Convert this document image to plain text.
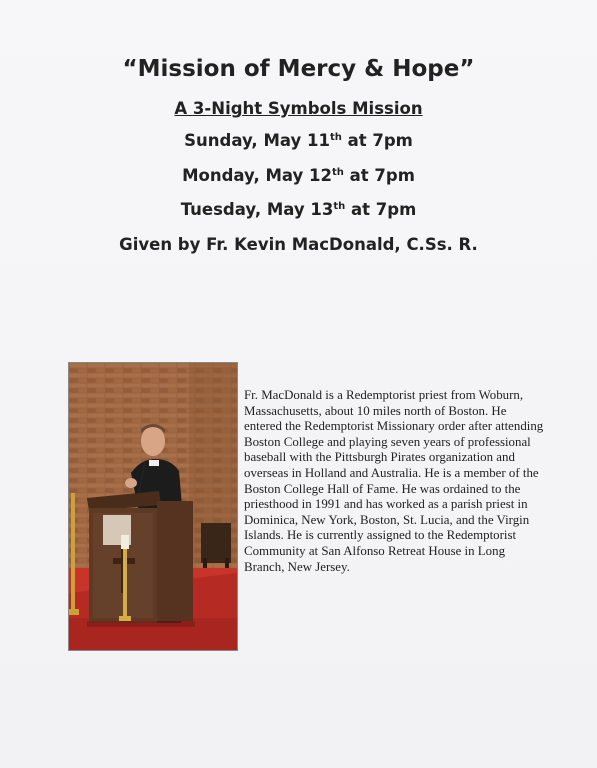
“Mission of Mercy & Hope”
A 3-Night Symbols Mission
Sunday, May 11th at 7pm
Monday, May 12th at 7pm
Tuesday, May 13th at 7pm
Given by Fr. Kevin MacDonald, C.Ss. R.
Fr. MacDonald is a Redemptorist priest from Woburn, Massachusetts, about 10 miles north of Boston. He entered the Redemptorist Missionary order after attending Boston College and playing seven years of professional baseball with the Pittsburgh Pirates organization and overseas in Holland and Australia. He is a member of the Boston College Hall of Fame. He was ordained to the priesthood in 1991 and has worked as a parish priest in Dominica, New York, Boston, St. Lucia, and the Virgin Islands. He is currently assigned to the Redemptorist Community at San Alfonso Retreat House in Long Branch, New Jersey.
